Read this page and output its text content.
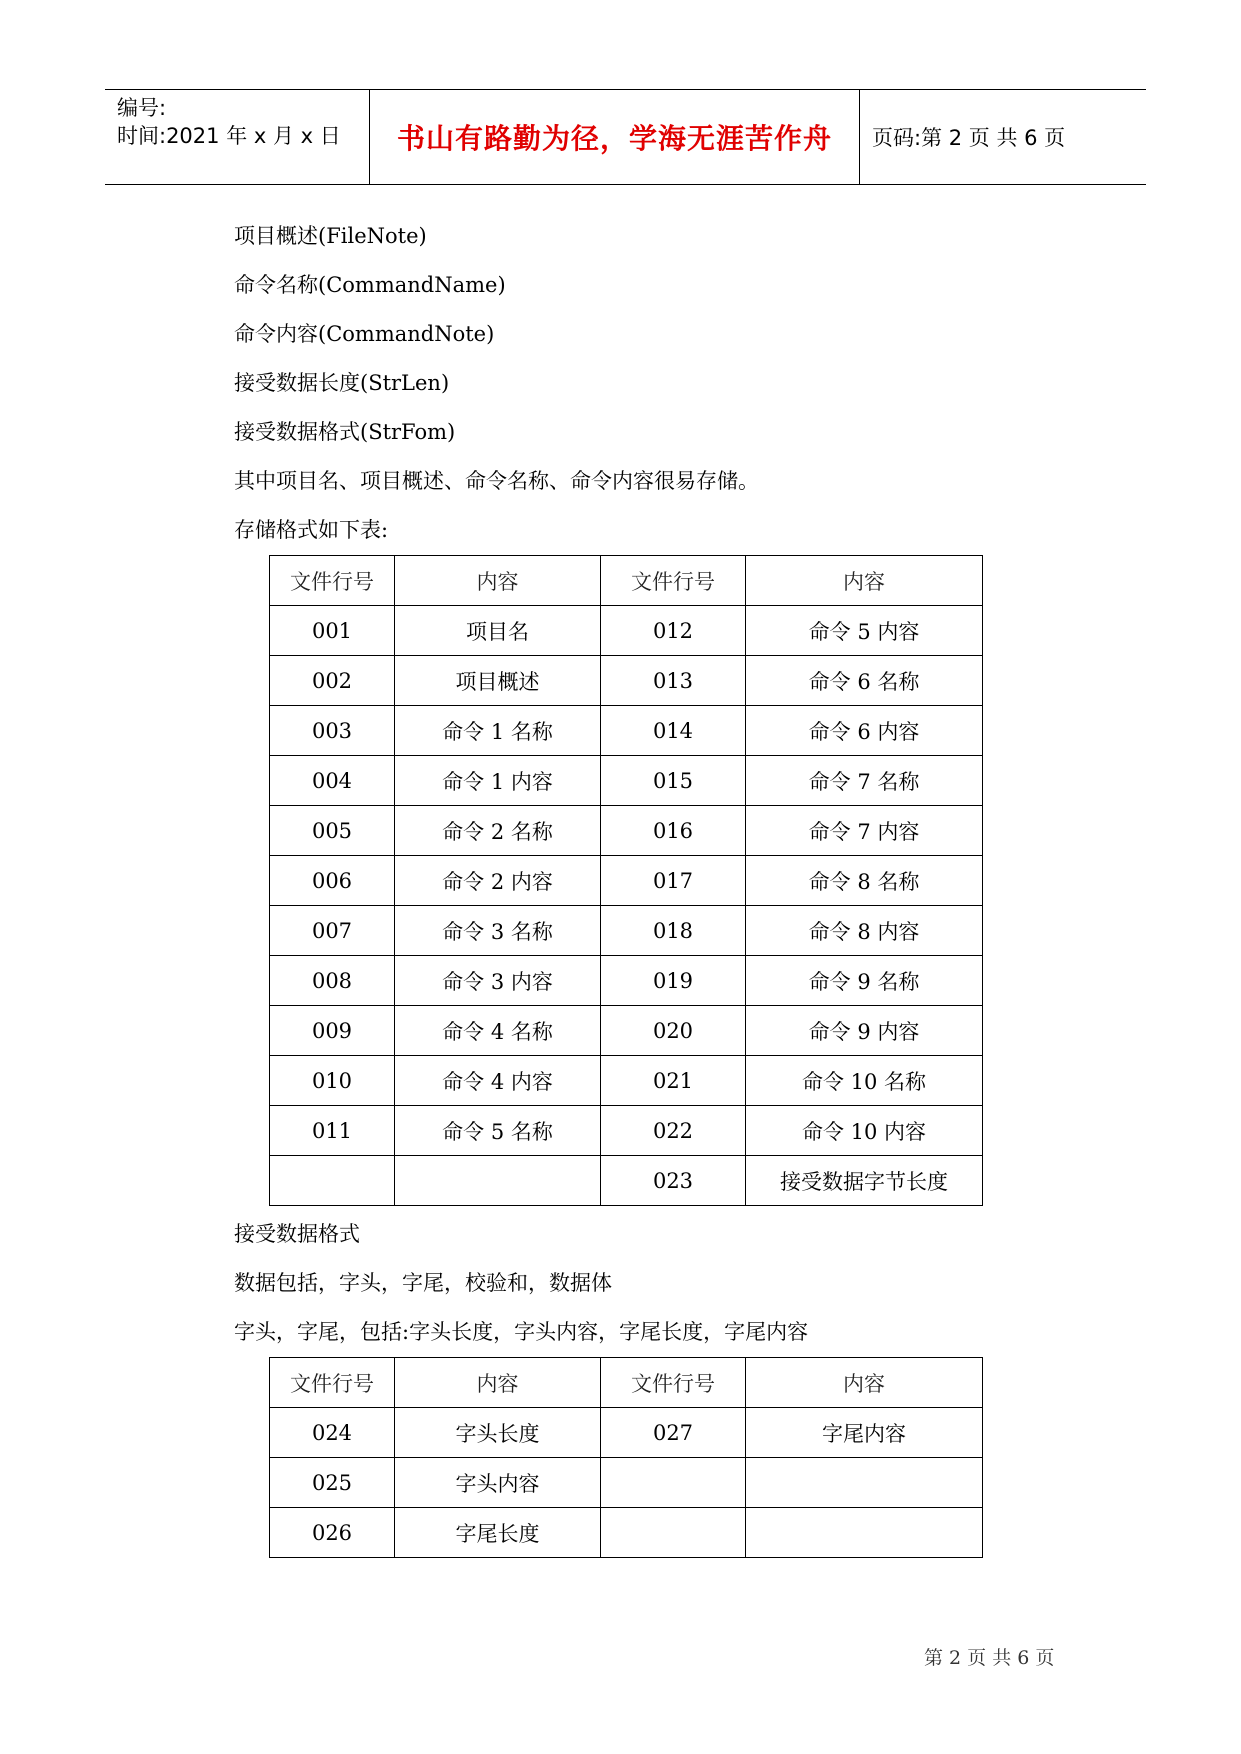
编号:
时间:2021 年 x 月 x 日	书山有路勤为径，学海无涯苦作舟	页码:第 2 页 共 6 页
项目概述(FileNote)
命令名称(CommandName)
命令内容(CommandNote)
接受数据长度(StrLen)
接受数据格式(StrFom)
其中项目名、项目概述、命令名称、命令内容很易存储。
存储格式如下表:
文件行号	内容	文件行号	内容
001	项目名	012	命令 5 内容
002	项目概述	013	命令 6 名称
003	命令 1 名称	014	命令 6 内容
004	命令 1 内容	015	命令 7 名称
005	命令 2 名称	016	命令 7 内容
006	命令 2 内容	017	命令 8 名称
007	命令 3 名称	018	命令 8 内容
008	命令 3 内容	019	命令 9 名称
009	命令 4 名称	020	命令 9 内容
010	命令 4 内容	021	命令 10 名称
011	命令 5 名称	022	命令 10 内容
		023	接受数据字节长度
接受数据格式
数据包括，字头，字尾，校验和，数据体
字头，字尾，包括:字头长度，字头内容，字尾长度，字尾内容
文件行号	内容	文件行号	内容
024	字头长度	027	字尾内容
025	字头内容		
026	字尾长度		
第 2 页 共 6 页
